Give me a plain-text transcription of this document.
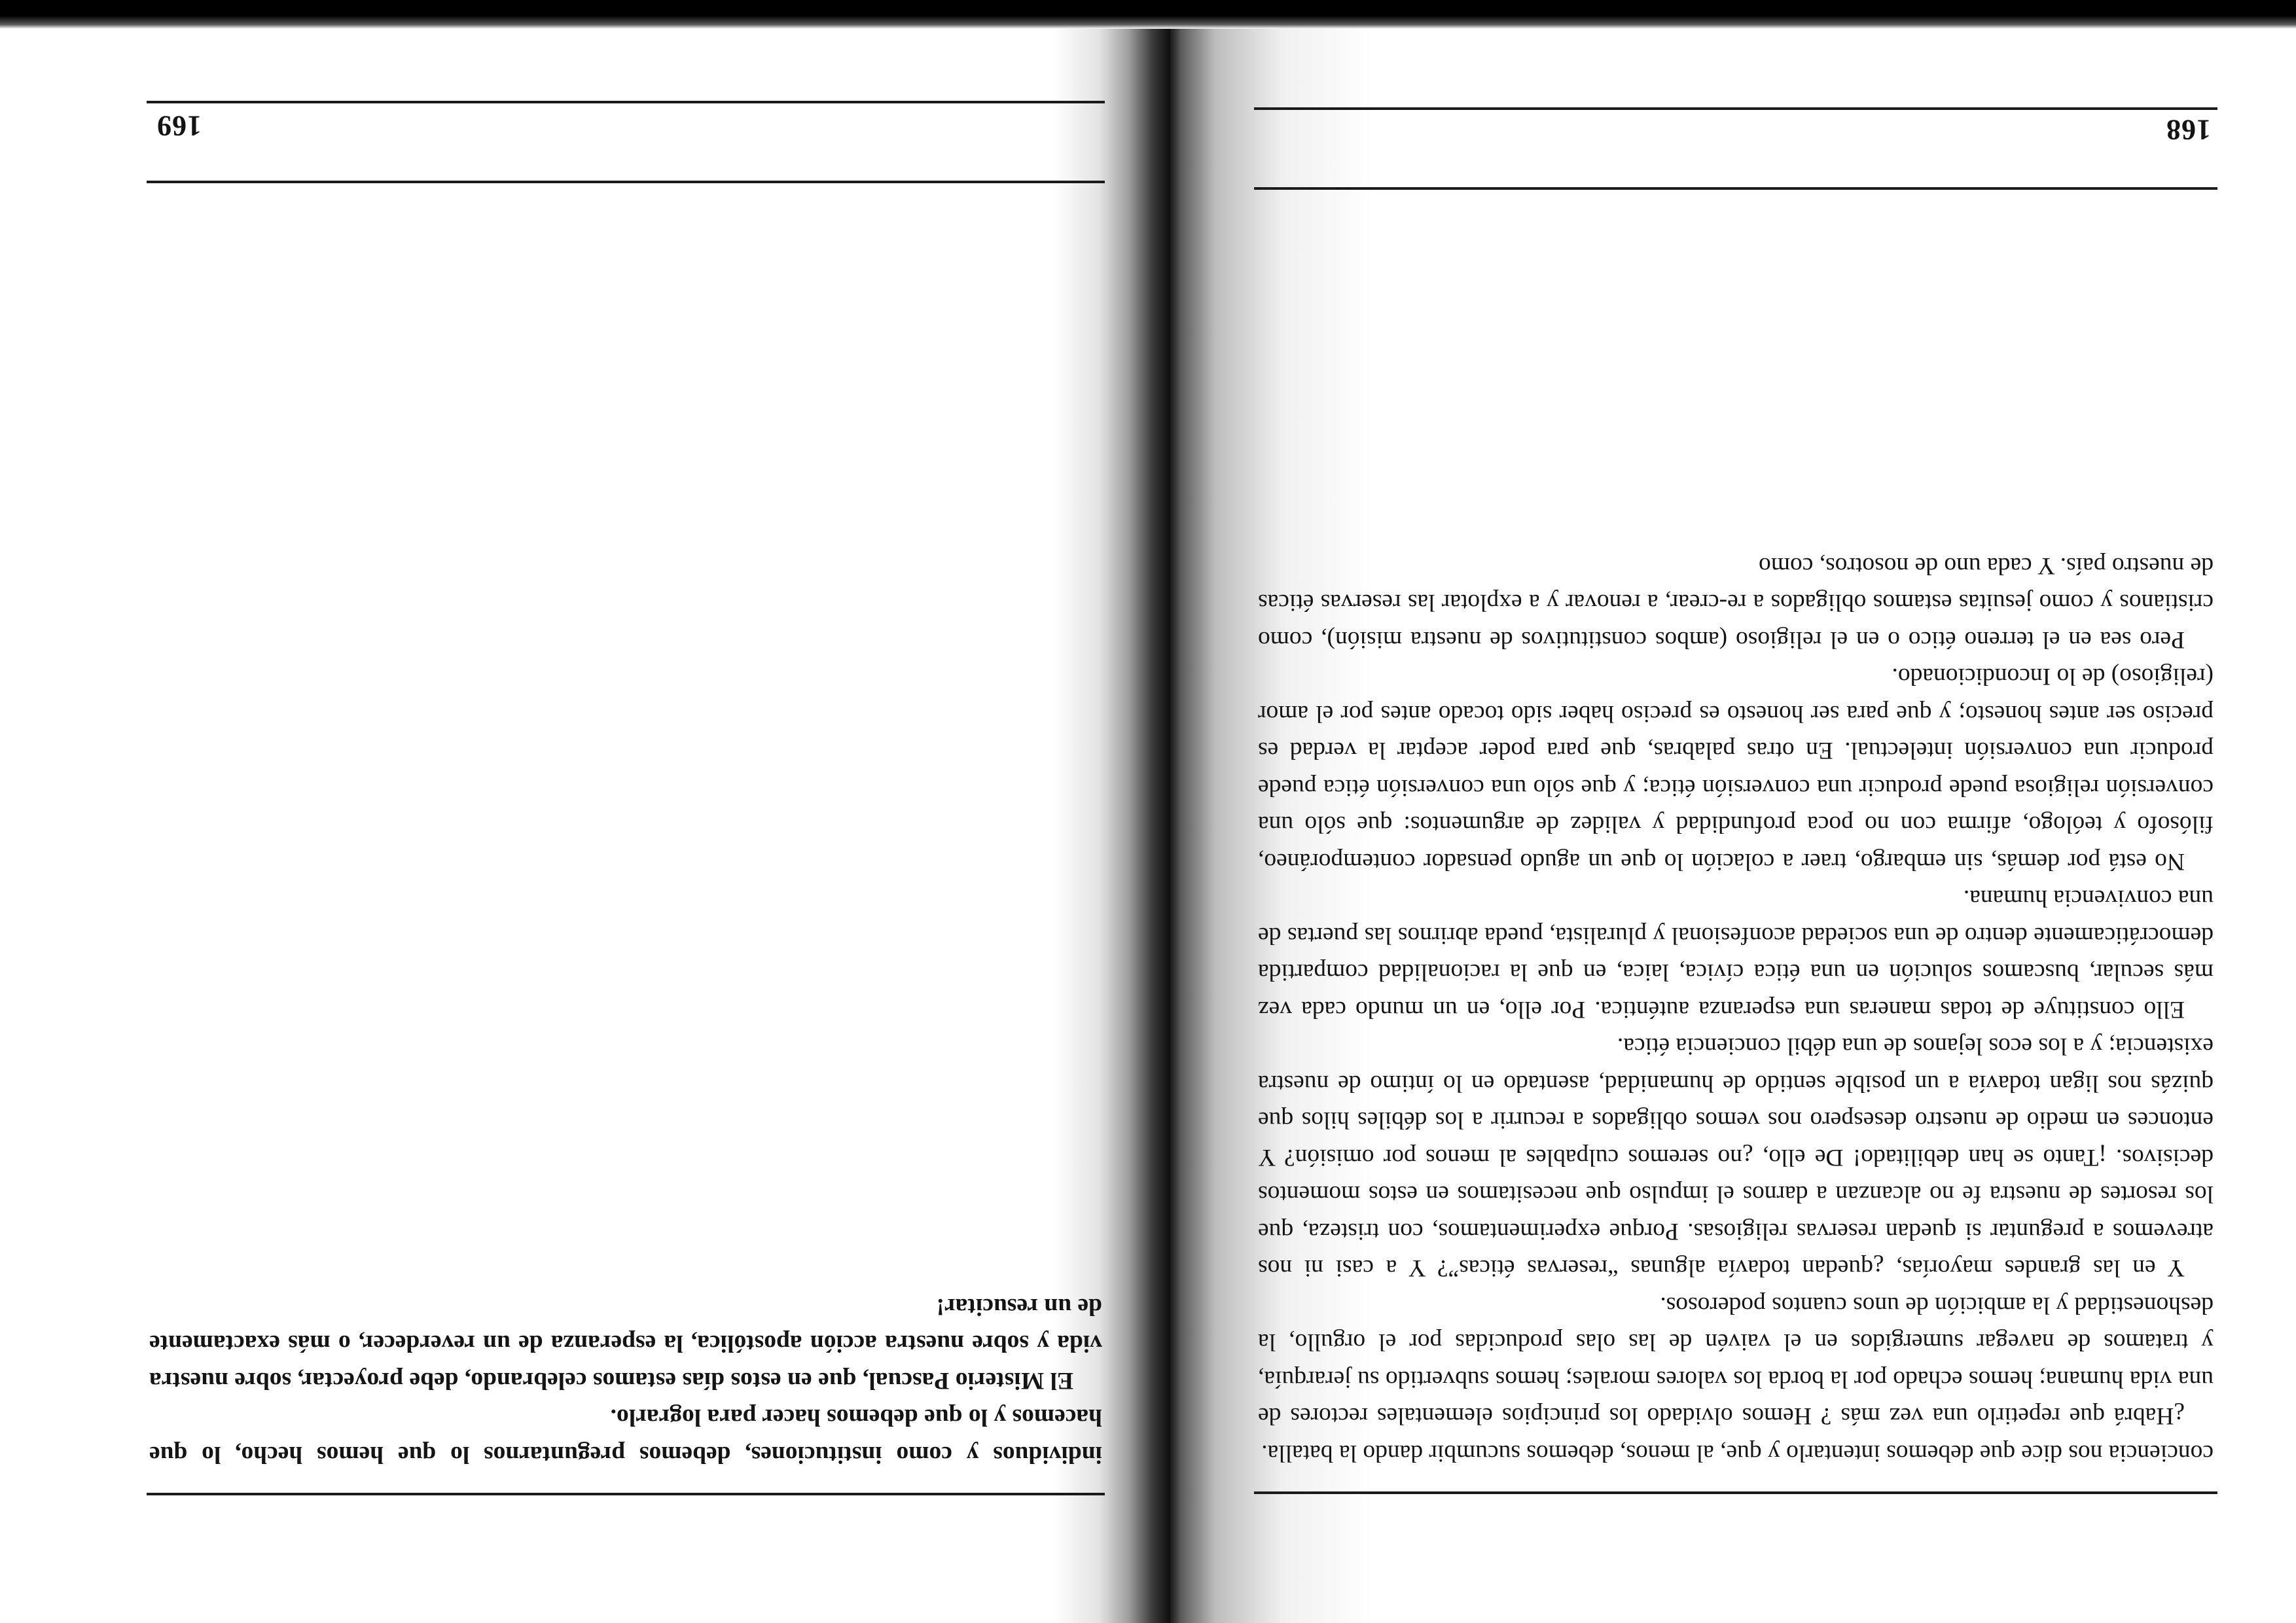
conciencia nos dice que debemos intentarlo y que, al menos, debemos sucumbir dando la batalla.

¿Habrá que repetirlo una vez más ? Hemos olvidado los principios elementales rectores de una vida humana; hemos echado por la borda los valores morales; hemos subvertido su jerarquía, y tratamos de navegar sumergidos en el vaivén de las olas producidas por el orgullo, la deshonestidad y la ambición de unos cuantos poderosos.

Y en las grandes mayorías, ¿quedan todavía algunas “reservas éticas”? Y a casi ni nos atrevemos a preguntar si quedan reservas religiosas. Porque experimentamos, con tristeza, que los resortes de nuestra fe no alcanzan a darnos el impulso que necesitamos en estos momentos decisivos. ¡Tanto se han debilitado! De ello, ¿no seremos culpables al menos por omisión? Y entonces en medio de nuestro desespero nos vemos obligados a recurrir a los débiles hilos que quizás nos ligan todavía a un posible sentido de humanidad, asentado en lo íntimo de nuestra existencia; y a los ecos lejanos de una débil conciencia ética.

Ello constituye de todas maneras una esperanza auténtica. Por ello, en un mundo cada vez más secular, buscamos solución en una ética cívica, laica, en que la racionalidad compartida democráticamente dentro de una sociedad aconfesional y pluralista, pueda abrirnos las puertas de una convivencia humana.

No está por demás, sin embargo, traer a colación lo que un agudo pensador contemporáneo, filósofo y teólogo, afirma con no poca profundidad y validez de argumentos: que sólo una conversión religiosa puede producir una conversión ética; y que sólo una conversión ética puede producir una conversión intelectual. En otras palabras, que para poder aceptar la verdad es preciso ser antes honesto; y que para ser honesto es preciso haber sido tocado antes por el amor (religioso) de lo Incondicionado.

Pero sea en el terreno ético o en el religioso (ambos constitutivos de nuestra misión), como cristianos y como jesuitas estamos obligados a re-crear, a renovar y a explotar las reservas éticas de nuestro país. Y cada uno de nosotros, como

168

individuos y como instituciones, debemos preguntarnos lo que hemos hecho, lo que hacemos y lo que debemos hacer para lograrlo.

El Misterio Pascual, que en estos días estamos celebrando, debe proyectar, sobre nuestra vida y sobre nuestra acción apostólica, la esperanza de un reverdecer, o más exactamente de un resucitar!

169
